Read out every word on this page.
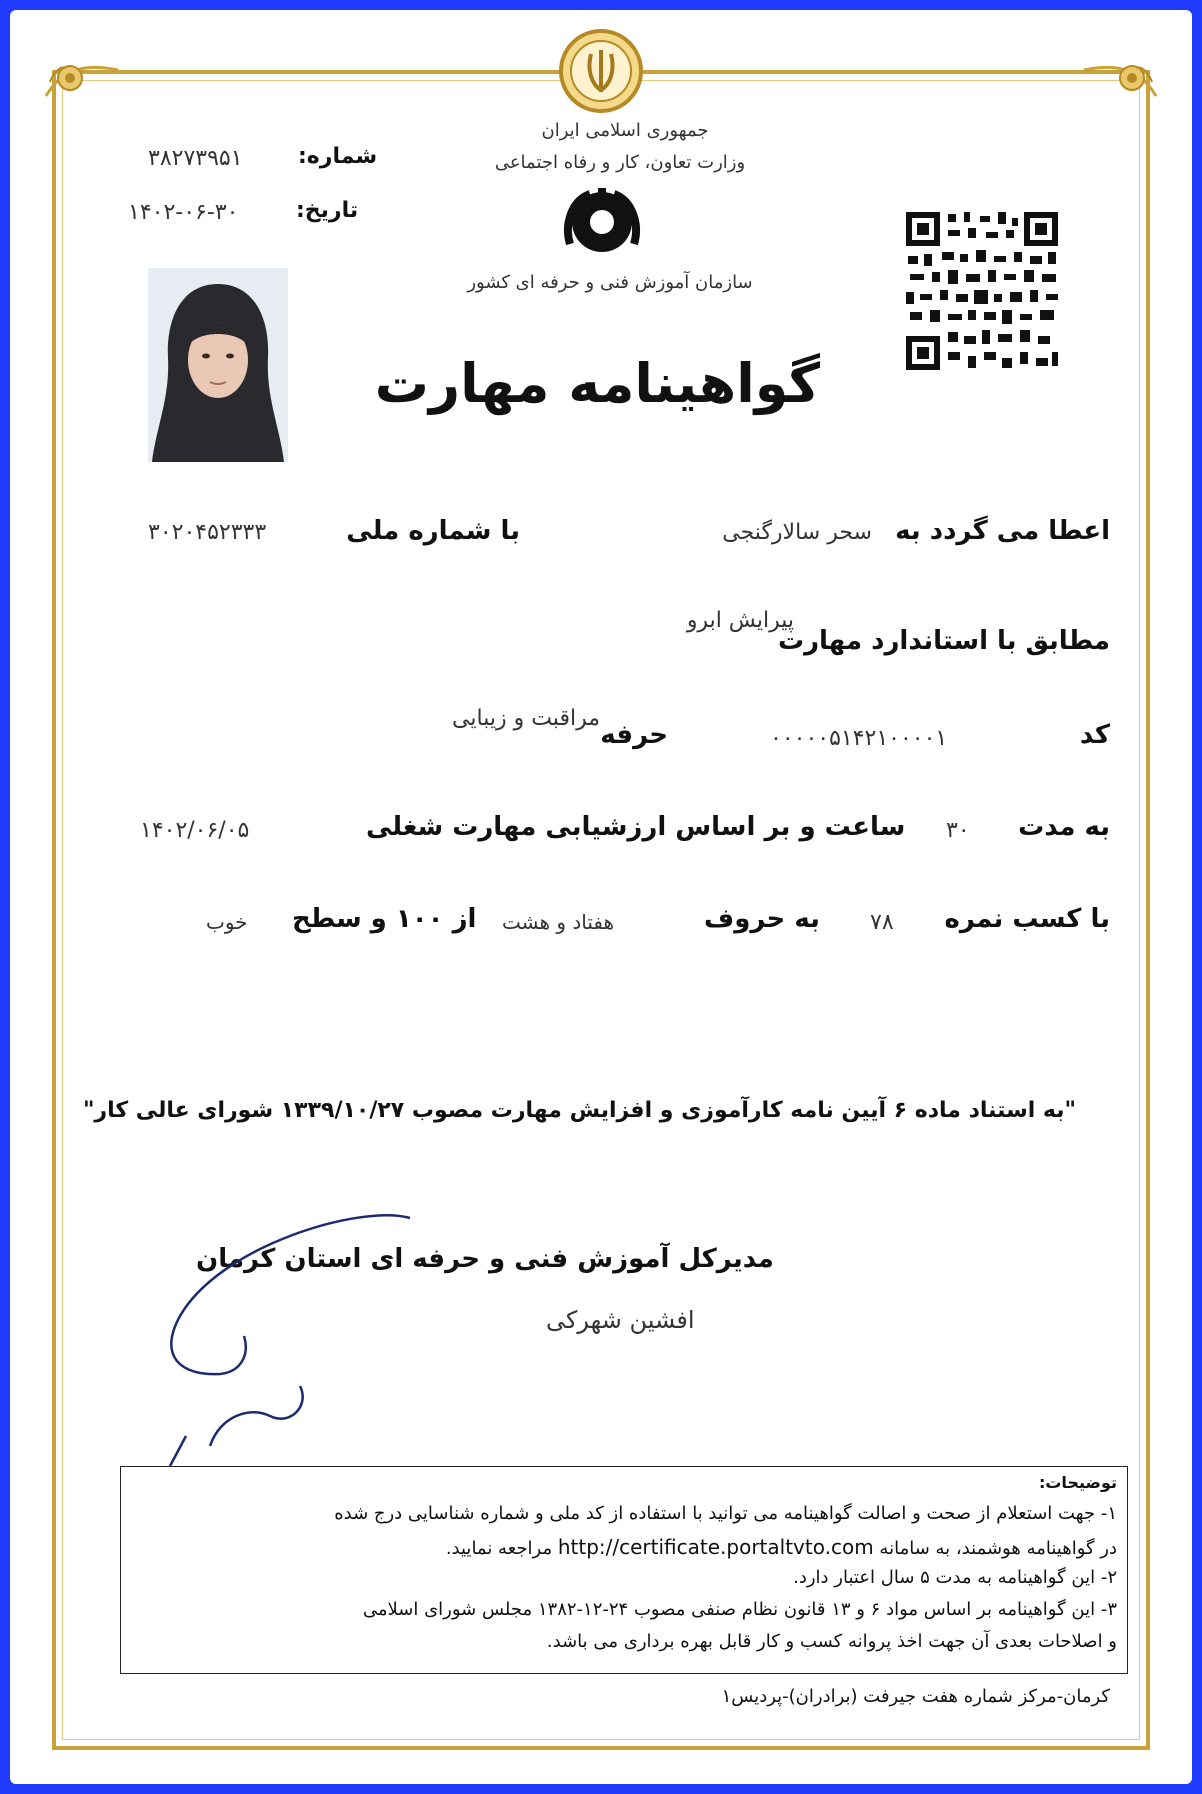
جمهوری اسلامی ایران
وزارت تعاون، کار و رفاه اجتماعی
سازمان آموزش فنی و حرفه ای کشور
شماره:
۳۸۲۷۳۹۵۱
تاریخ:
۱۴۰۲-۰۶-۳۰
گواهینامه مهارت
اعطا می گردد به
سحر سالارگنجی
با شماره ملی
۳۰۲۰۴۵۲۳۳۳
مطابق با استاندارد مهارت
پیرایش ابرو
کد
۰۰۰۰۰۵۱۴۲۱۰۰۰۰۱
حرفه
مراقبت و زیبایی
به مدت
۳۰
ساعت و بر اساس ارزشیابی مهارت شغلی
۱۴۰۲/۰۶/۰۵
با کسب نمره
۷۸
به حروف
هفتاد و هشت
از ۱۰۰ و سطح
خوب
"به استناد ماده ۶ آیین نامه کارآموزی و افزایش مهارت مصوب ۱۳۳۹/۱۰/۲۷ شورای عالی کار"
مدیرکل آموزش فنی و حرفه ای استان کرمان
افشین شهرکی
توضیحات:
۱- جهت استعلام از صحت و اصالت گواهینامه می توانید با استفاده از کد ملی و شماره شناسایی درج شده
در گواهینامه هوشمند، به سامانه http://certificate.portaltvto.com مراجعه نمایید.
۲- این گواهینامه به مدت ۵ سال اعتبار دارد.
۳- این گواهینامه بر اساس مواد ۶ و ۱۳ قانون نظام صنفی مصوب ۲۴-۱۲-۱۳۸۲ مجلس شورای اسلامی
و اصلاحات بعدی آن جهت اخذ پروانه کسب و کار قابل بهره برداری می باشد.
کرمان-مرکز شماره هفت جیرفت (برادران)-پردیس۱
